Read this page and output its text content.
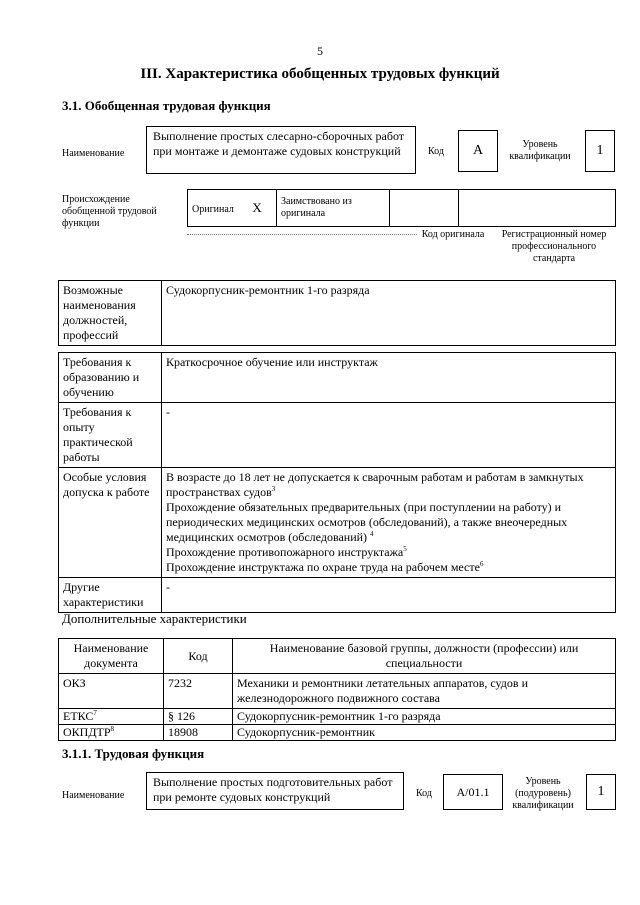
5
III. Характеристика обобщенных трудовых функций
3.1. Обобщенная трудовая функция
Наименование
Выполнение простых слесарно-сборочных работ при монтаже и демонтаже судовых конструкций	Код	А	Уровень квалификации	1
Происхождение обобщенной трудовой функции
Оригинал Х	Заимствовано из оригинала		
Код оригинала	Регистрационный номер профессионального стандарта
Возможные наименования должностей, профессий	Судокорпусник-ремонтник 1-го разряда
Требования к образованию и обучению	Краткосрочное обучение или инструктаж
Требования к опыту практической работы	-
Особые условия допуска к работе	В возрасте до 18 лет не допускается к сварочным работам и работам в замкнутых пространствах судов$^3$
Прохождение обязательных предварительных (при поступлении на работу) и периодических медицинских осмотров (обследований), а также внеочередных медицинских осмотров (обследований) $^4$
Прохождение противопожарного инструктажа$^5$
Прохождение инструктажа по охране труда на рабочем месте$^6$

Другие характеристики	-
Дополнительные характеристики
Наименование документа	Код	Наименование базовой группы, должности (профессии) или специальности
ОКЗ	7232	Механики и ремонтники летательных аппаратов, судов и железнодорожного подвижного состава
ЕТКС$^7$	§ 126	Судокорпусник-ремонтник 1-го разряда
ОКПДТР$^8$	18908	Судокорпусник-ремонтник
3.1.1. Трудовая функция
Наименование
Выполнение простых подготовительных работ при ремонте судовых конструкций	Код	А/01.1
Уровень (подуровень) квалификации
1
